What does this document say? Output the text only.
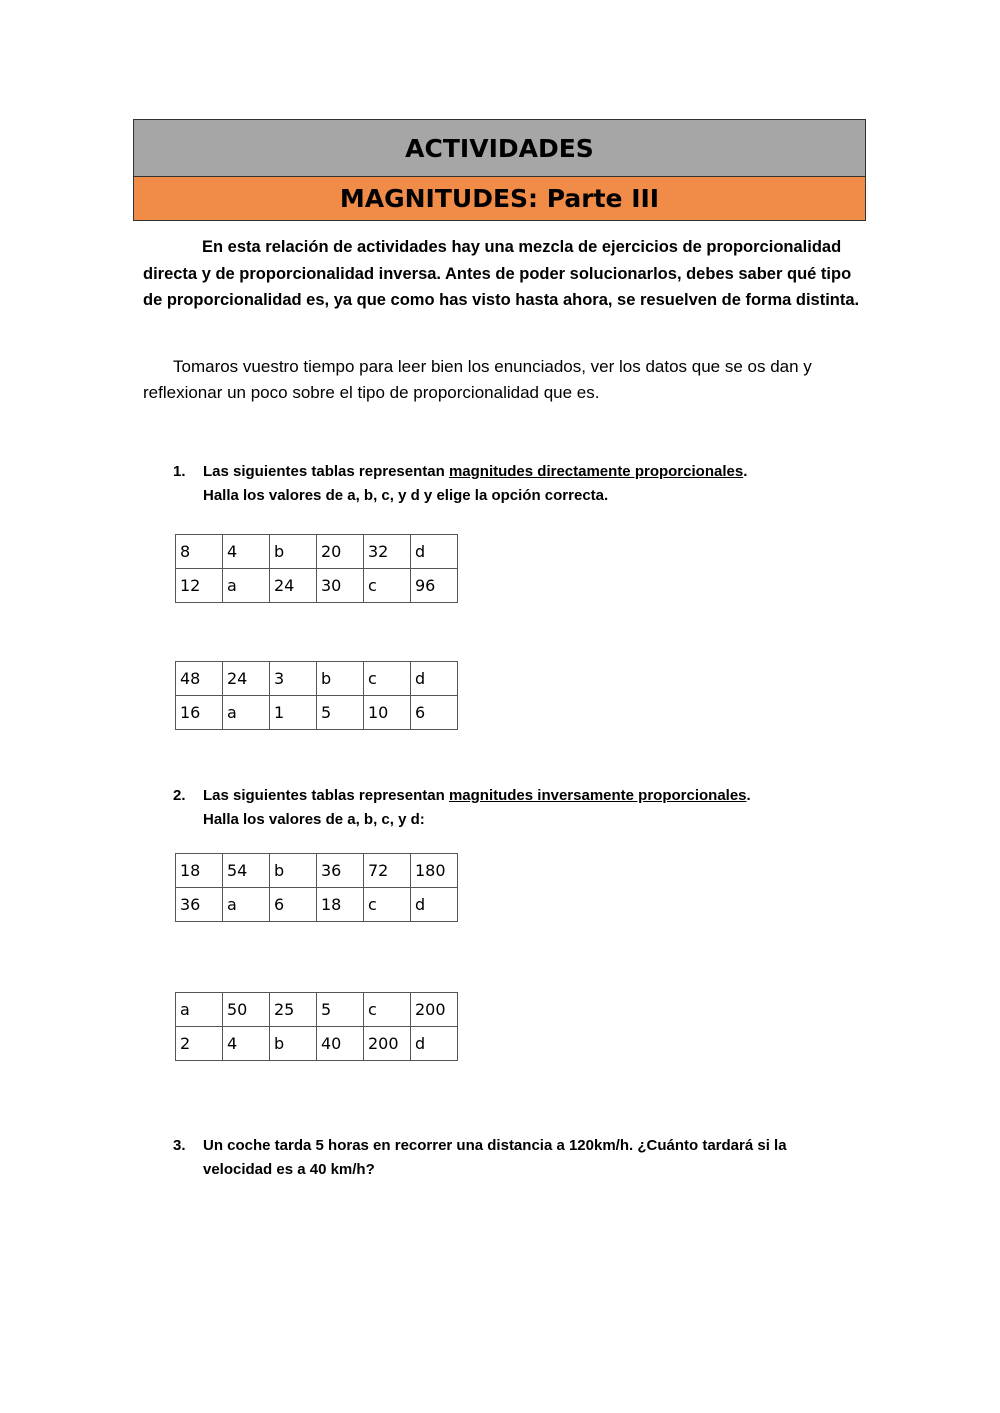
ACTIVIDADES
MAGNITUDES: Parte III
En esta relación de actividades hay una mezcla de ejercicios de proporcionalidad directa y de proporcionalidad inversa. Antes de poder solucionarlos, debes saber qué tipo de proporcionalidad es, ya que como has visto hasta ahora, se resuelven de forma distinta.
Tomaros vuestro tiempo para leer bien los enunciados, ver los datos que se os dan y reflexionar un poco sobre el tipo de proporcionalidad que es.
1. Las siguientes tablas representan magnitudes directamente proporcionales.
Halla los valores de a, b, c, y d y elige la opción correcta.
8	4	b	20	32	d
12	a	24	30	c	96
48	24	3	b	c	d
16	a	1	5	10	6
2. Las siguientes tablas representan magnitudes inversamente proporcionales.
Halla los valores de a, b, c, y d:
18	54	b	36	72	180
36	a	6	18	c	d
a	50	25	5	c	200
2	4	b	40	200	d
3. Un coche tarda 5 horas en recorrer una distancia a 120km/h. ¿Cuánto tardará si la
velocidad es a 40 km/h?
